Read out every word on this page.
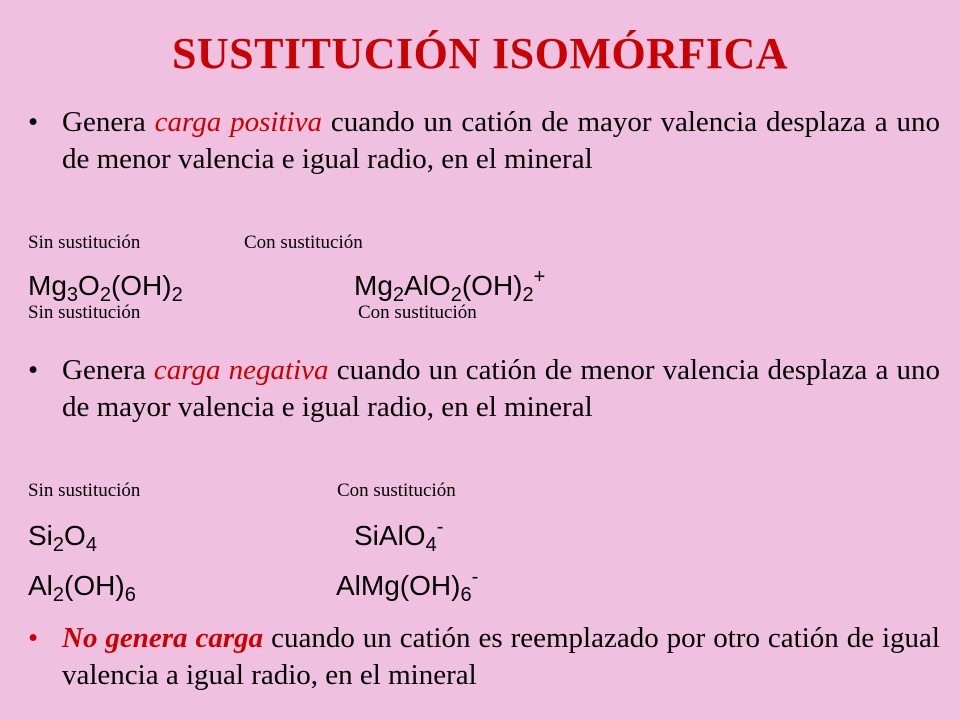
SUSTITUCIÓN ISOMÓRFICA
• Genera carga positiva cuando un catión de mayor valencia desplaza a uno de menor valencia e igual radio, en el mineral
Sin sustitución	Con sustitución
$Mg_3O_2(OH)_2$	$Mg_2AlO_2(OH)_2^+$
Sin sustitución	Con sustitución
• Genera carga negativa cuando un catión de menor valencia desplaza a uno de mayor valencia e igual radio, en el mineral
Sin sustitución	Con sustitución
$Si_2O_4$	SiAlO$_4$-
$Al_2(OH)_6$	$AlMg(OH)_6^-$
• No genera carga cuando un catión es reemplazado por otro catión de igual valencia a igual radio, en el mineral
